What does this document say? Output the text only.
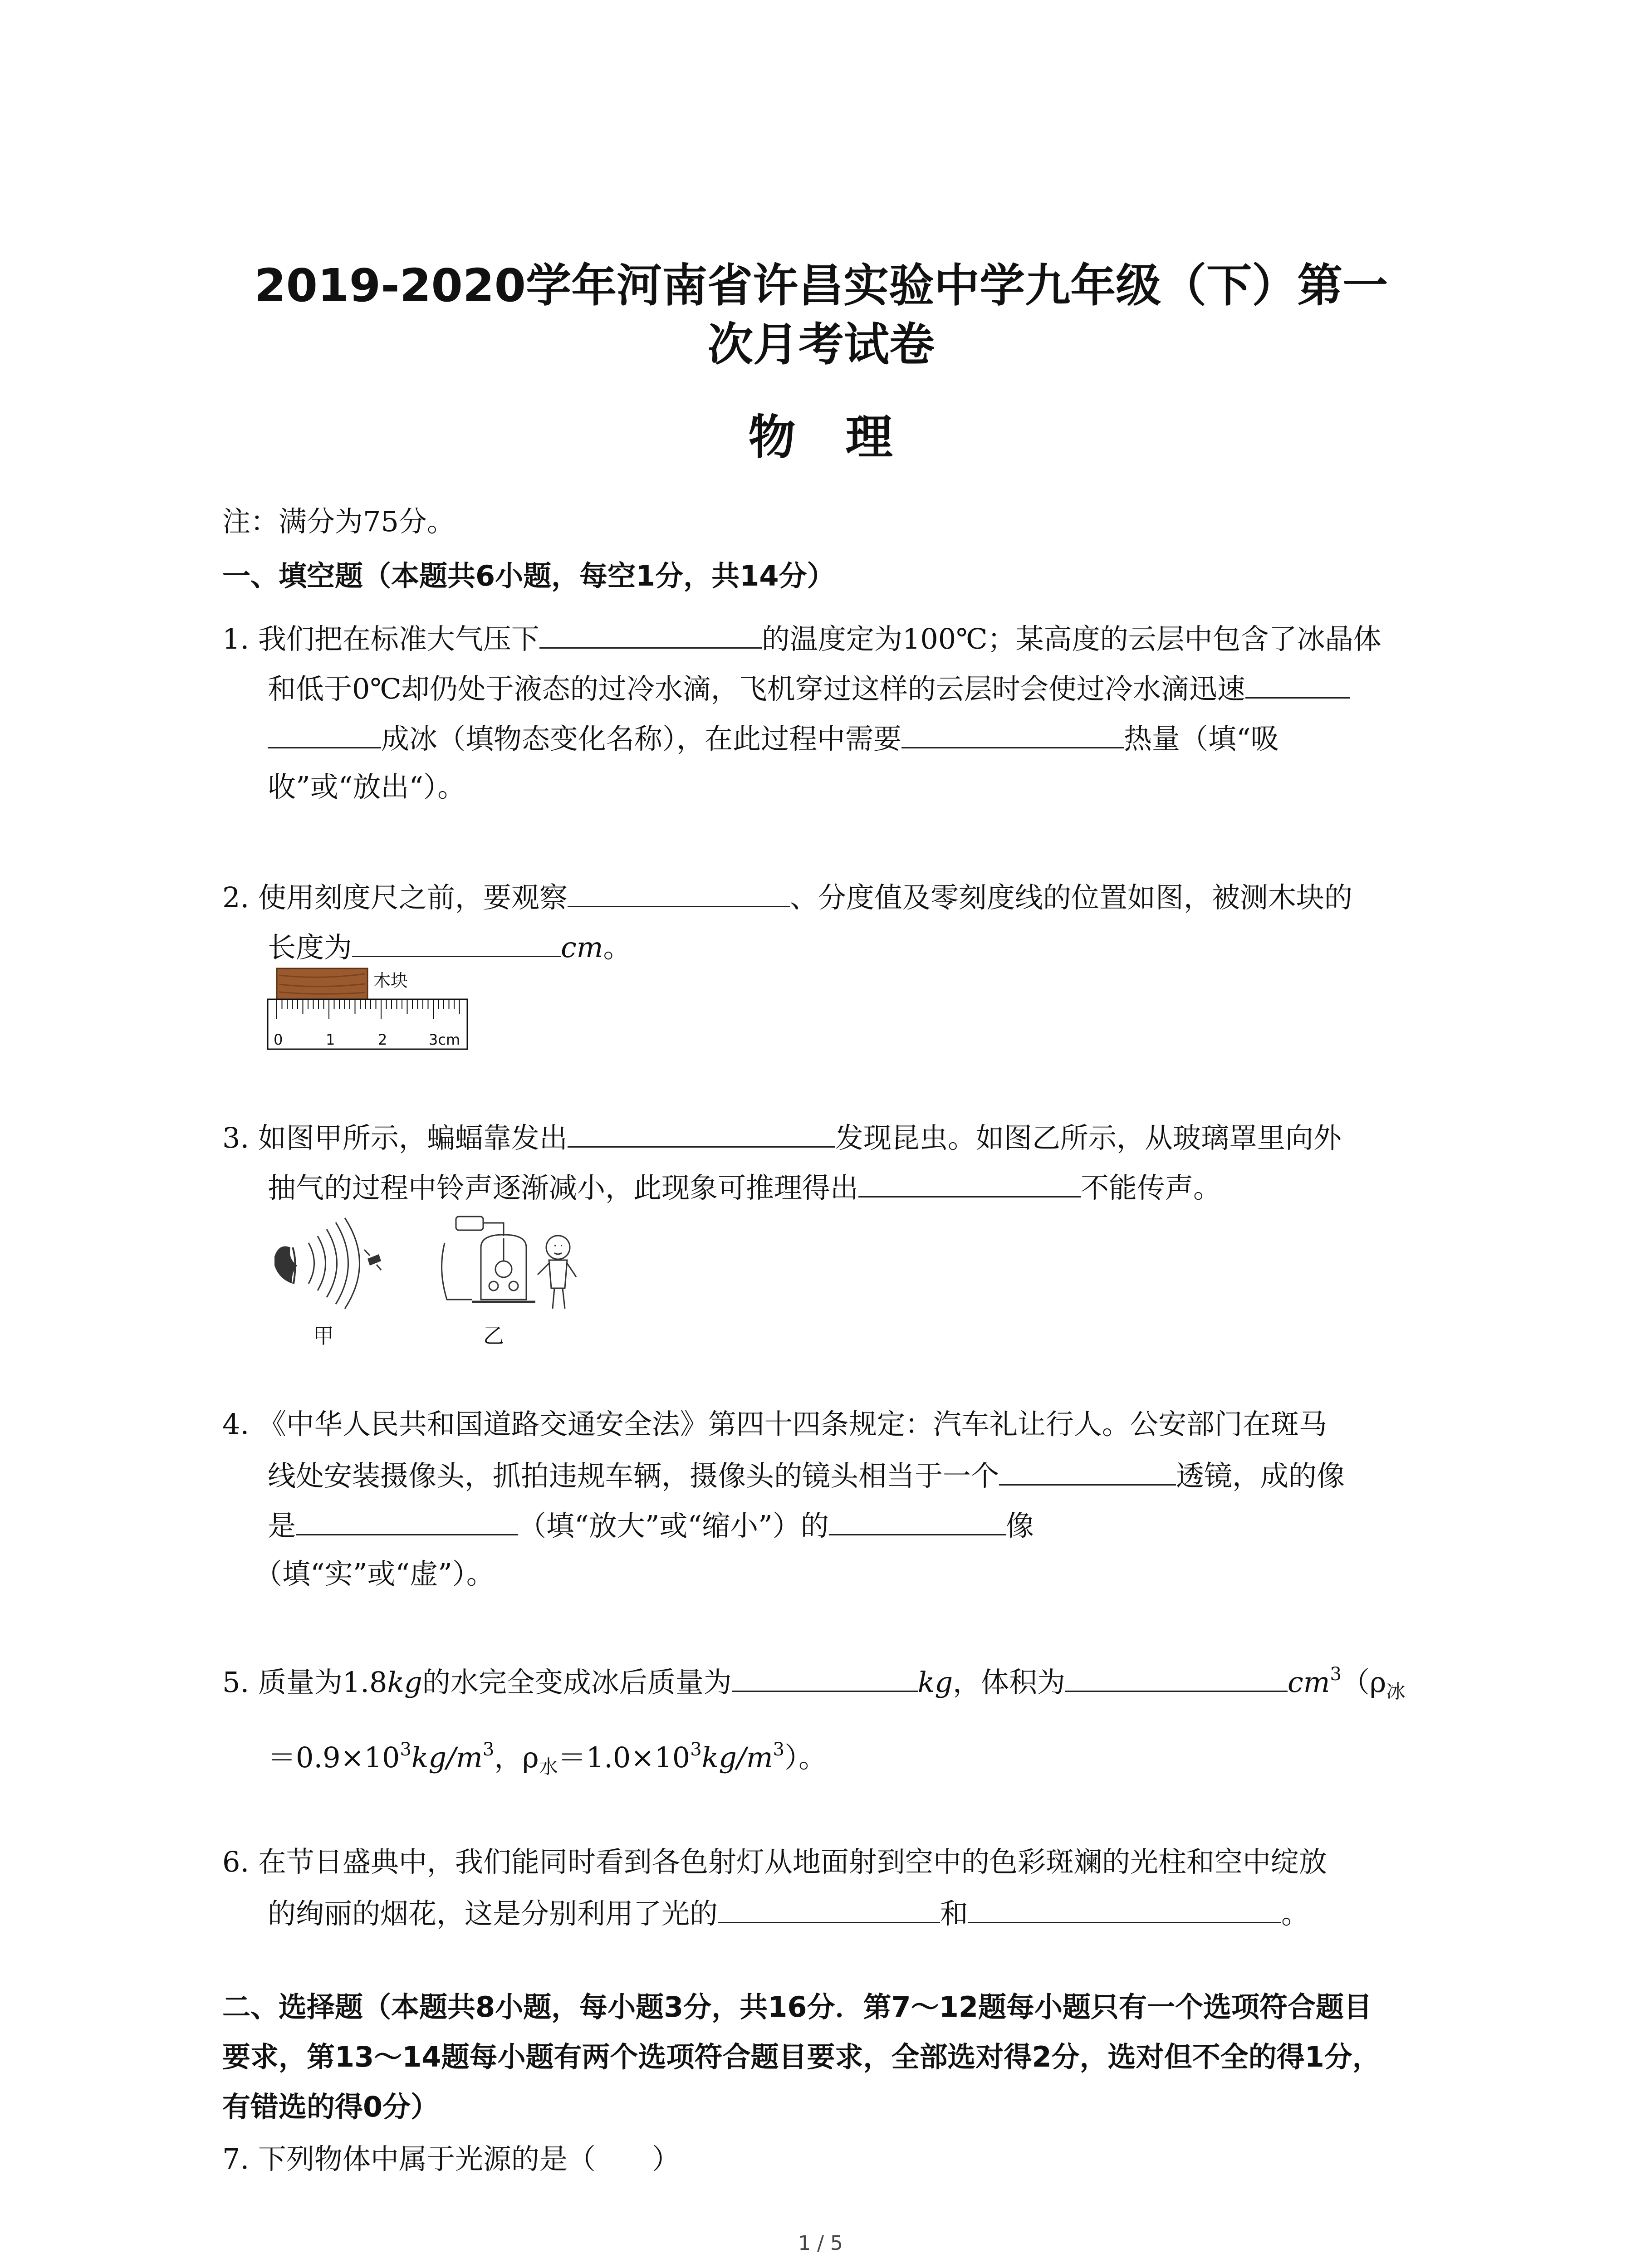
2019-2020学年河南省许昌实验中学九年级（下）第一
次月考试卷
物理
注：满分为75分。
一、填空题（本题共6小题，每空1分，共14分）
1. 我们把在标准大气压下	的温度定为100℃；某高度的云层中包含了冰晶体
和低于0℃却仍处于液态的过冷水滴，飞机穿过这样的云层时会使过冷水滴迅速
成冰（填物态变化名称），在此过程中需要	热量（填“吸
收”或“放出“）。
2. 使用刻度尺之前，要观察	、分度值及零刻度线的位置如图，被测木块的
长度为	cm。
木块
0	1	2	3cm
3. 如图甲所示，蝙蝠靠发出	发现昆虫。如图乙所示，从玻璃罩里向外
抽气的过程中铃声逐渐减小，此现象可推理得出	不能传声。
甲	乙
4. 《中华人民共和国道路交通安全法》第四十四条规定：汽车礼让行人。公安部门在斑马
线处安装摄像头，抓拍违规车辆，摄像头的镜头相当于一个	透镜，成的像
是	（填“放大”或“缩小”）的	像
（填“实”或“虚”）。
5. 质量为1.8kg的水完全变成冰后质量为	kg，体积为	$cm^3(\rho_冰$
$=0.9\times 10^3kg/m^3$，$\rho_水=1.0\times 10^3kg/m^3$）。
6. 在节日盛典中，我们能同时看到各色射灯从地面射到空中的色彩斑斓的光柱和空中绽放
的绚丽的烟花，这是分别利用了光的	和	。
二、选择题（本题共8小题，每小题3分，共16分．第7～12题每小题只有一个选项符合题目
要求，第13～14题每小题有两个选项符合题目要求，全部选对得2分，选对但不全的得1分，
有错选的得0分）
7. 下列物体中属于光源的是（　　）
1 / 5
